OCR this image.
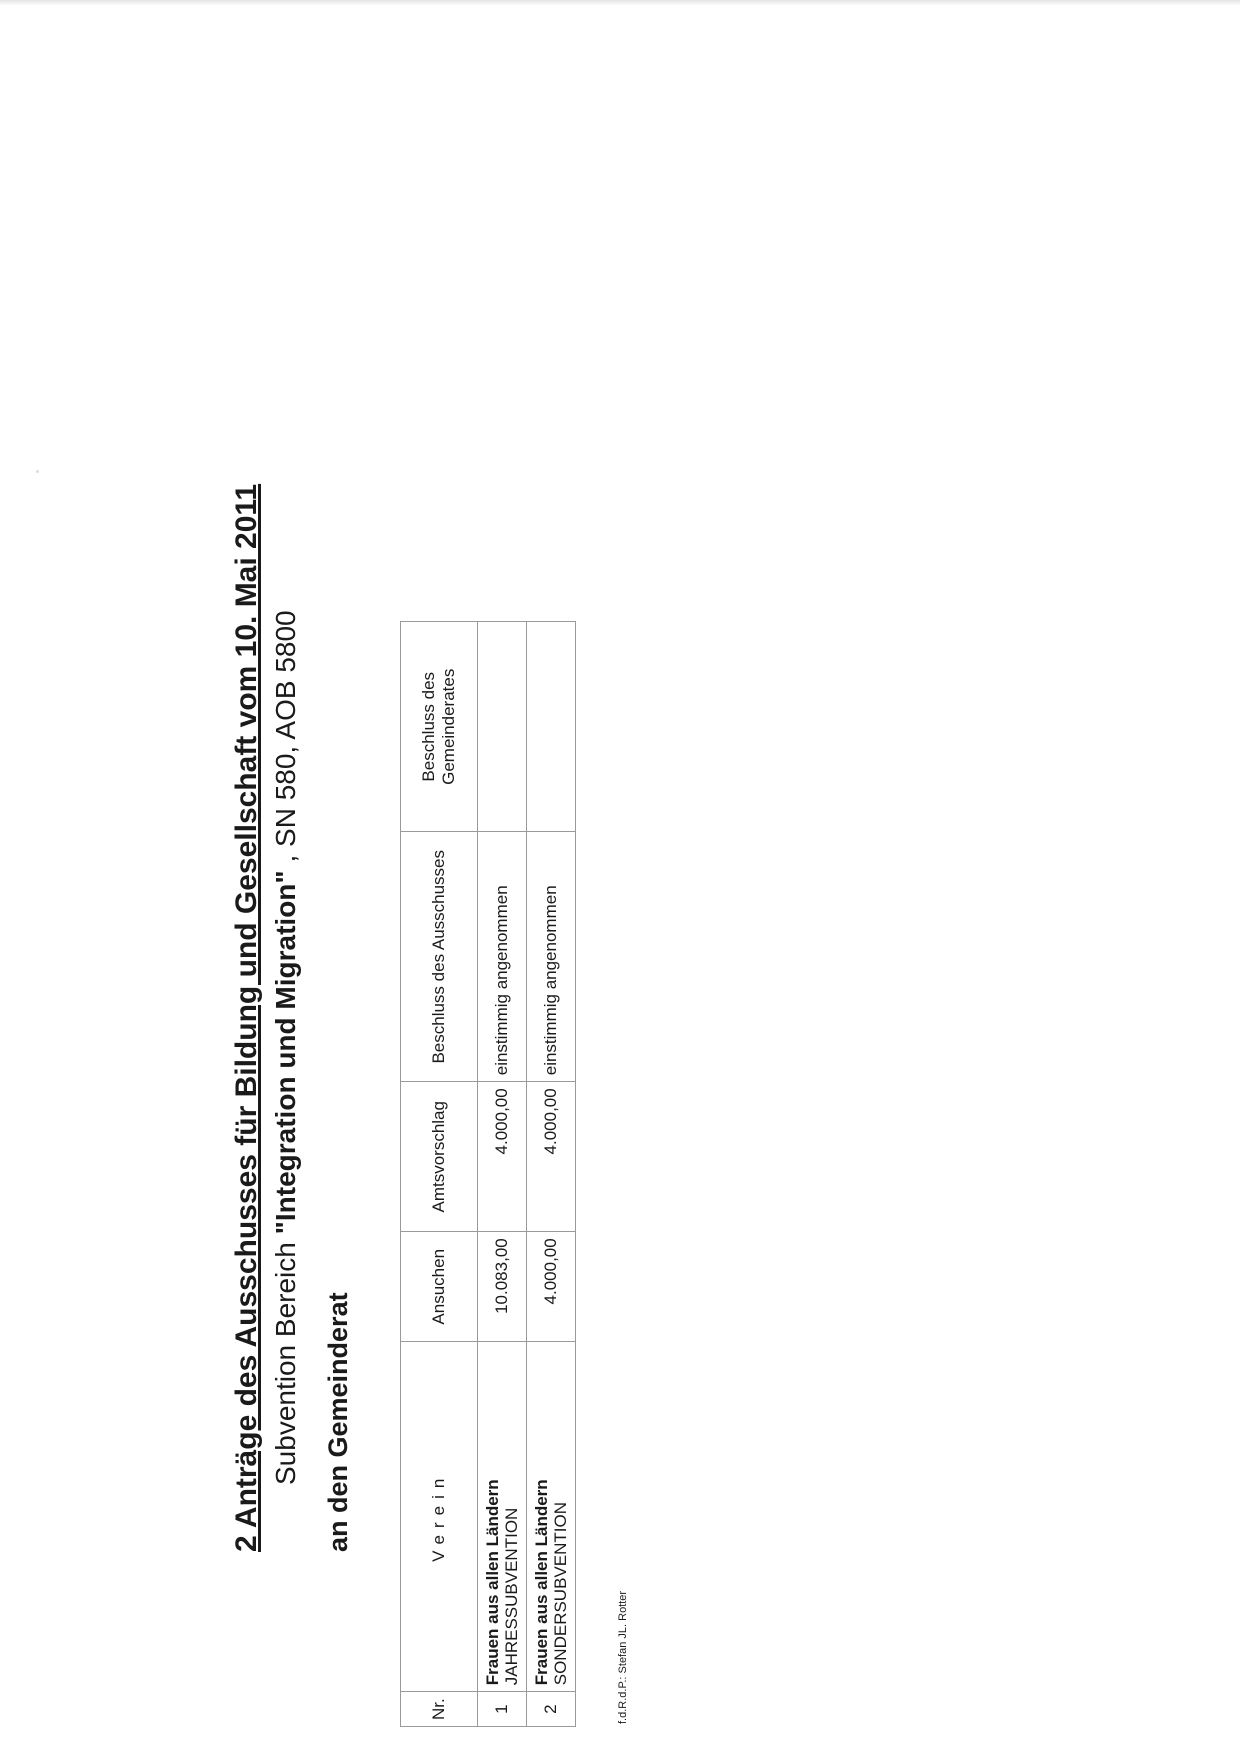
2 Anträge des Ausschusses für Bildung und Gesellschaft vom 10. Mai 2011 Subvention Bereich "Integration und Migration" , SN 580, AOB 5800
an den Gemeinderat
Nr.	Verein	Ansuchen	Amtsvorschlag	Beschluss des Ausschusses	Beschluss des Gemeinderates
1	Frauen aus allen Ländern JAHRESSUBVENTION	10.083,00	4.000,00	einstimmig angenommen	
2	Frauen aus allen Ländern SONDERSUBVENTION	4.000,00	4.000,00	einstimmig angenommen	
f.d.R.d.P.: Stefan JL. Rotter
